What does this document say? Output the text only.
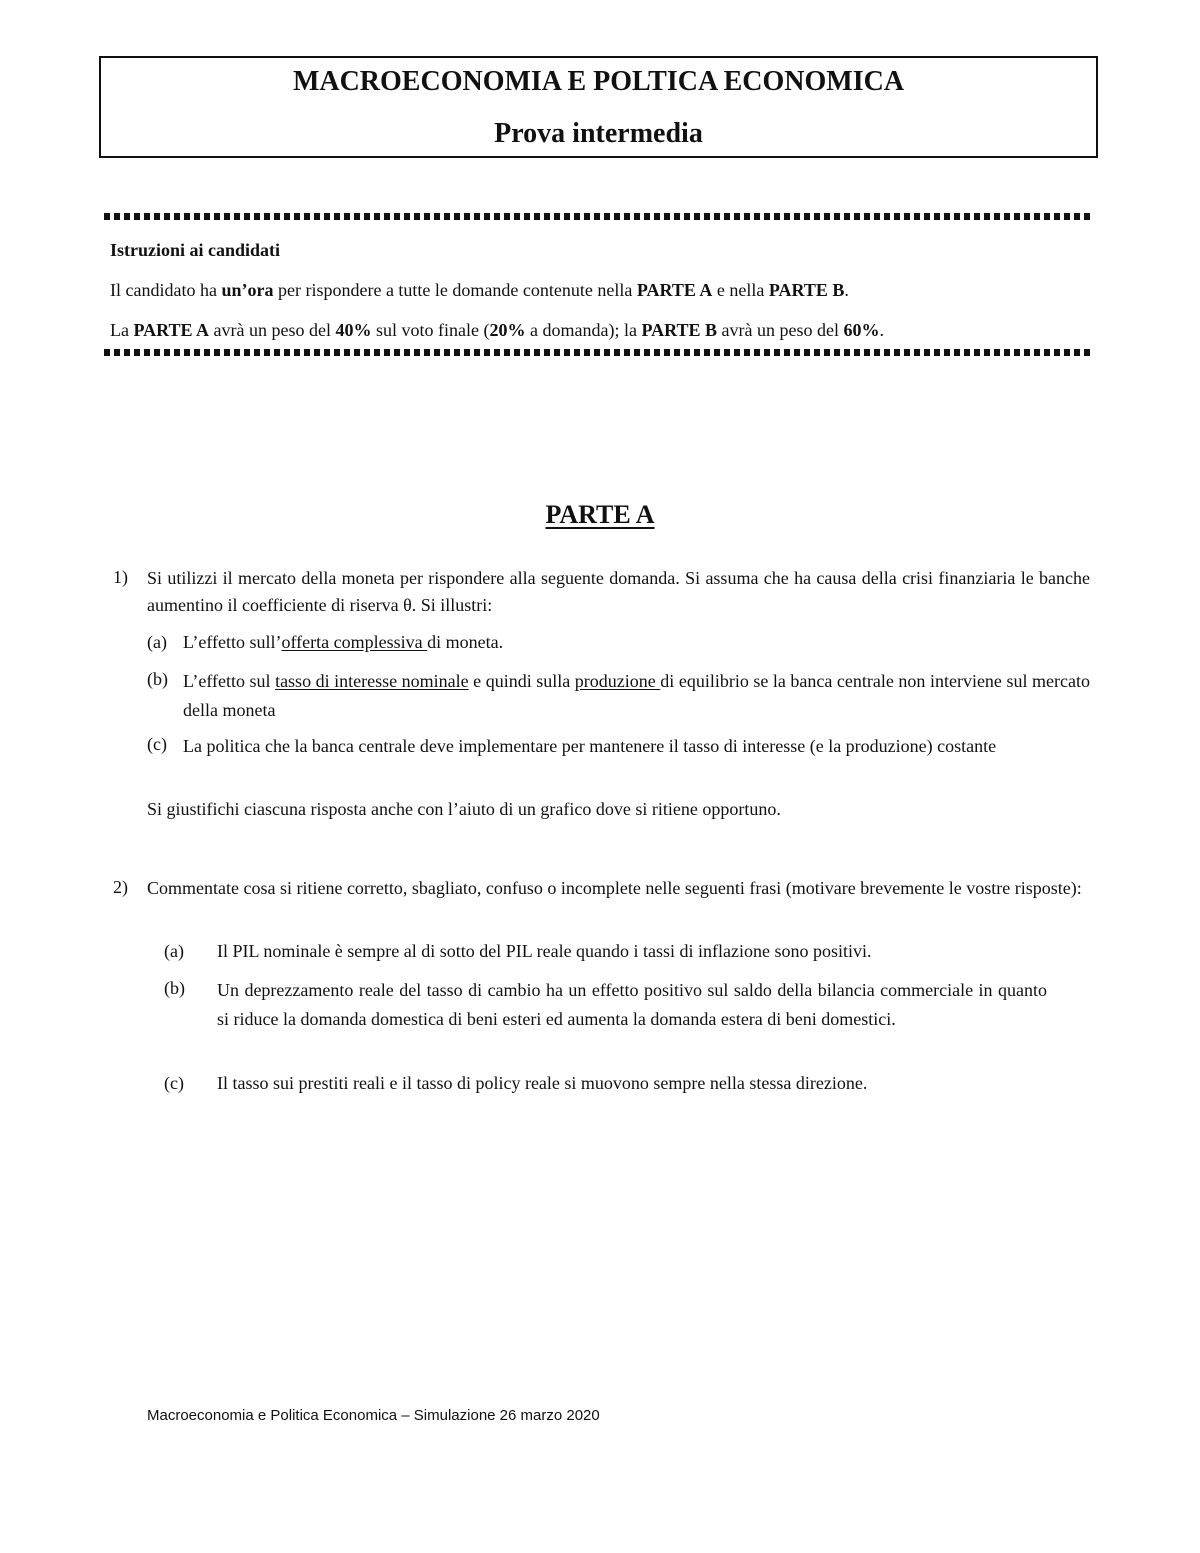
MACROECONOMIA E POLTICA ECONOMICA
Prova intermedia
Istruzioni ai candidati
Il candidato ha un’ora per rispondere a tutte le domande contenute nella PARTE A e nella PARTE B.
La PARTE A avrà un peso del 40% sul voto finale (20% a domanda); la PARTE B avrà un peso del 60%.
PARTE A
1) Si utilizzi il mercato della moneta per rispondere alla seguente domanda. Si assuma che ha causa della crisi finanziaria le banche aumentino il coefficiente di riserva θ. Si illustri:
(a) L’effetto sull’offerta complessiva di moneta.
(b) L’effetto sul tasso di interesse nominale e quindi sulla produzione di equilibrio se la banca centrale non interviene sul mercato della moneta
(c) La politica che la banca centrale deve implementare per mantenere il tasso di interesse (e la produzione) costante
Si giustifichi ciascuna risposta anche con l’aiuto di un grafico dove si ritiene opportuno.
2) Commentate cosa si ritiene corretto, sbagliato, confuso o incomplete nelle seguenti frasi (motivare brevemente le vostre risposte):
(a) Il PIL nominale è sempre al di sotto del PIL reale quando i tassi di inflazione sono positivi.
(b) Un deprezzamento reale del tasso di cambio ha un effetto positivo sul saldo della bilancia commerciale in quanto si riduce la domanda domestica di beni esteri ed aumenta la domanda estera di beni domestici.
(c) Il tasso sui prestiti reali e il tasso di policy reale si muovono sempre nella stessa direzione.
Macroeconomia e Politica Economica – Simulazione 26 marzo 2020
